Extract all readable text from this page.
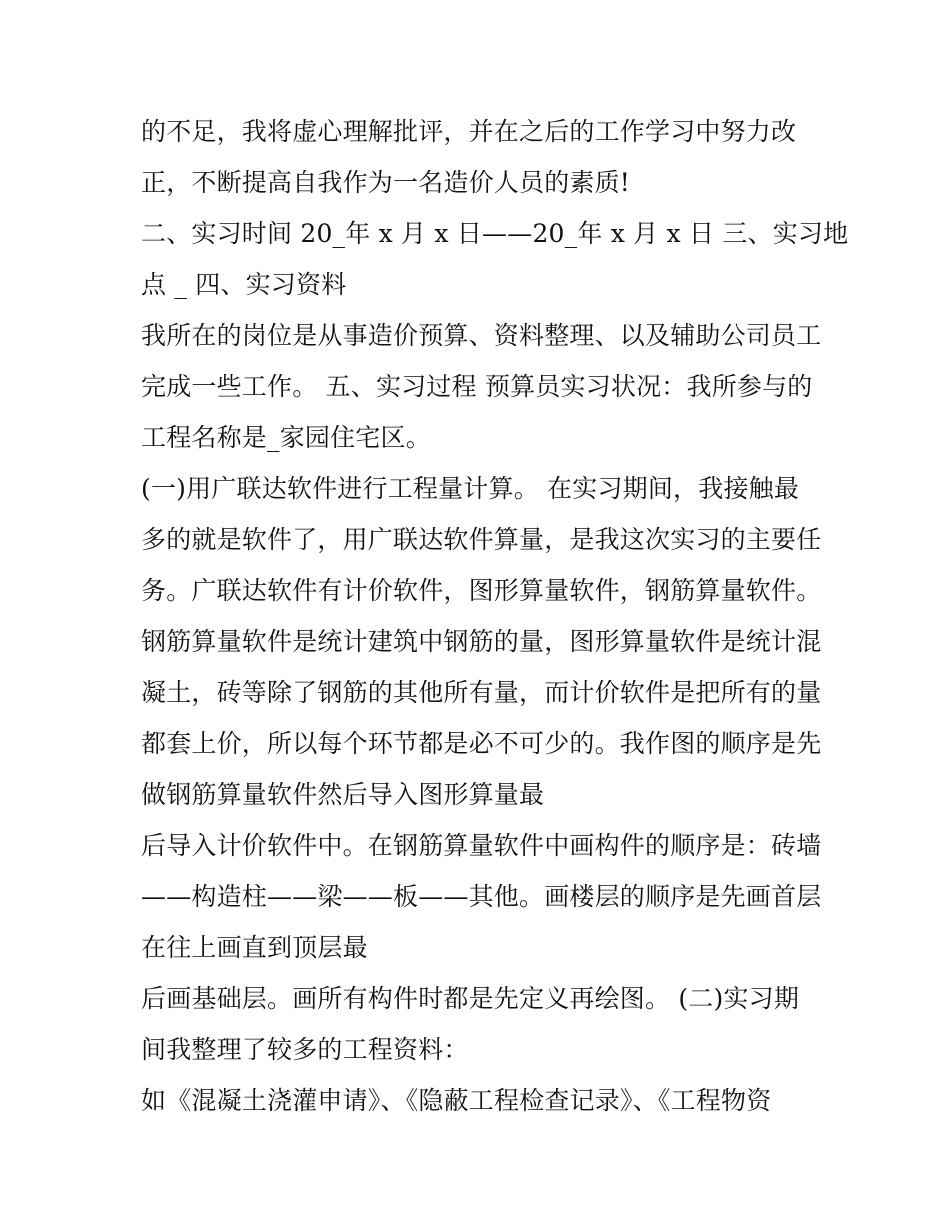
的不足，我将虚心理解批评，并在之后的工作学习中努力改
正，不断提高自我作为一名造价人员的素质!
二、实习时间 20_年 x 月 x 日——20_年 x 月 x 日 三、实习地
点 _ 四、实习资料
我所在的岗位是从事造价预算、资料整理、以及辅助公司员工
完成一些工作。 五、实习过程 预算员实习状况：我所参与的
工程名称是_家园住宅区。
(一)用广联达软件进行工程量计算。 在实习期间，我接触最
多的就是软件了，用广联达软件算量，是我这次实习的主要任
务。广联达软件有计价软件，图形算量软件，钢筋算量软件。
钢筋算量软件是统计建筑中钢筋的量，图形算量软件是统计混
凝土，砖等除了钢筋的其他所有量，而计价软件是把所有的量
都套上价，所以每个环节都是必不可少的。我作图的顺序是先
做钢筋算量软件然后导入图形算量最
后导入计价软件中。在钢筋算量软件中画构件的顺序是：砖墙
——构造柱——梁——板——其他。画楼层的顺序是先画首层
在往上画直到顶层最
后画基础层。画所有构件时都是先定义再绘图。 (二)实习期
间我整理了较多的工程资料：
如《混凝土浇灌申请》、《隐蔽工程检查记录》、《工程物资
